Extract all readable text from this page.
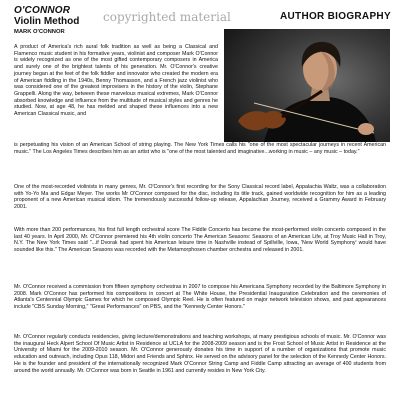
O'CONNOR
Violin Method	copyrighted material	AUTHOR BIOGRAPHY
MARK O'CONNOR

A product of America's rich aural folk tradition as well as being a Classical and Flamenco music student in his formative years, violinist and composer Mark O'Connor is widely recognized as one of the most gifted contemporary composers in America and surely one of the brightest talents of his generation. Mr. O'Connor's creative journey began at the feet of the folk fiddler and innovator who created the modern era of American fiddling in the 1940s, Benny Thomasson, and a French jazz violinist who was considered one of the greatest improvisers in the history of the violin, Stephane Grappelli. Along the way, between these marvelous musical extremes, Mark O'Connor absorbed knowledge and influence from the multitude of musical styles and genres he studied. Now, at age 48, he has melded and shaped these influences into a new American Classical music, and

is perpetuating his vision of an American School of string playing. The New York Times calls his "one of the most spectacular journeys in recent American music." The Los Angeles Times describes him as an artist who is "one of the most talented and imaginative...working in music – any music – today."

One of the most-recorded violinists in many genres, Mr. O'Connor's first recording for the Sony Classical record label, Appalachia Waltz, was a collaboration with Yo-Yo Ma and Edgar Meyer. The works Mr O'Connor composed for the disc, including its title track, gained worldwide recognition for him as a leading proponent of a new American musical idiom. The tremendously successful follow-up release, Appalachian Journey, received a Grammy Award in February 2001.

With more than 200 performances, his first full length orchestral score The Fiddle Concerto has become the most-performed violin concerto composed in the last 40 years. In April 2000, Mr. O'Connor premiered his 4th violin concerto The American Seasons: Seasons of an American Life, at Troy Music Hall in Troy, N.Y. The New York Times said "...if Dvorak had spent his American leisure time in Nashville instead of Spillville, Iowa, 'New World Symphony' would have sounded like this." The American Seasons was recorded with the Metamorphosen chamber orchestra and released in 2001.

Mr. O'Connor received a commission from fifteen symphony orchestras in 2007 to compose his Americana Symphony recorded by the Baltimore Symphony in 2008. Mark O'Connor has performed his compositions in concert at The White House, the Presidential Inauguration Celebration and the ceremonies of Atlanta's Centennial Olympic Games for which he composed Olympic Reel. He is often featured on major network television shows, and past appearances include "CBS Sunday Morning," "Great Performances" on PBS, and the "Kennedy Center Honors."

Mr. O'Connor regularly conducts residencies, giving lecture/demonstrations and teaching workshops, at many prestigious schools of music. Mr. O'Connor was the inaugural Heck Alpert School Of Music Artist in Residence at UCLA for the 2008-2009 season and is the Frost School of Music Artist in Residence at the University of Miami for the 2009-2010 season. Mr. O'Connor generously donates his time in support of a number of organizations that promote music education and outreach, including Opus 118, Midori and Friends and Sphinx. He served on the advisory panel for the selection of the Kennedy Center Honors. He is the founder and president of the internationally recognized Mark O'Connor String Camp and Fiddle Camp attracting an average of 400 students from around the world annually. Mr. O'Connor was born in Seattle in 1961 and currently resides in New York City.
